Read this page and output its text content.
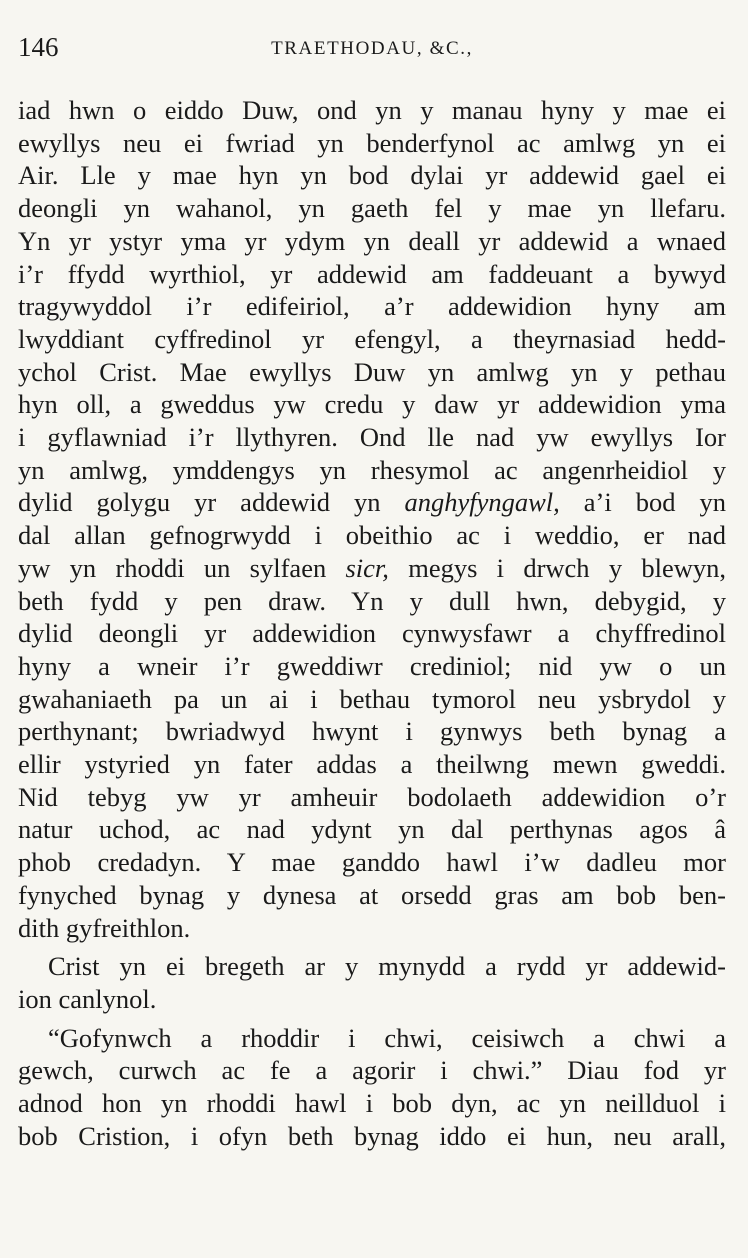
146	TRAETHODAU, &C.,
iad hwn o eiddo Duw, ond yn y manau hyny y mae ei
ewyllys neu ei fwriad yn benderfynol ac amlwg yn ei
Air. Lle y mae hyn yn bod dylai yr addewid gael ei
deongli yn wahanol, yn gaeth fel y mae yn llefaru.
Yn yr ystyr yma yr ydym yn deall yr addewid a wnaed
i’r ffydd wyrthiol, yr addewid am faddeuant a bywyd
tragywyddol i’r edifeiriol, a’r addewidion hyny am
lwyddiant cyffredinol yr efengyl, a theyrnasiad hedd-
ychol Crist. Mae ewyllys Duw yn amlwg yn y pethau
hyn oll, a gweddus yw credu y daw yr addewidion yma
i gyflawniad i’r llythyren. Ond lle nad yw ewyllys Ior
yn amlwg, ymddengys yn rhesymol ac angenrheidiol y
dylid golygu yr addewid yn anghyfyngawl, a’i bod yn
dal allan gefnogrwydd i obeithio ac i weddio, er nad
yw yn rhoddi un sylfaen sicr, megys i drwch y blewyn,
beth fydd y pen draw. Yn y dull hwn, debygid, y
dylid deongli yr addewidion cynwysfawr a chyffredinol
hyny a wneir i’r gweddiwr crediniol; nid yw o un
gwahaniaeth pa un ai i bethau tymorol neu ysbrydol y
perthynant; bwriadwyd hwynt i gynwys beth bynag a
ellir ystyried yn fater addas a theilwng mewn gweddi.
Nid tebyg yw yr amheuir bodolaeth addewidion o’r
natur uchod, ac nad ydynt yn dal perthynas agos â
phob credadyn. Y mae ganddo hawl i’w dadleu mor
fynyched bynag y dynesa at orsedd gras am bob ben-
dith gyfreithlon.
Crist yn ei bregeth ar y mynydd a rydd yr addewid-
ion canlynol.
“Gofynwch a rhoddir i chwi, ceisiwch a chwi a
gewch, curwch ac fe a agorir i chwi.” Diau fod yr
adnod hon yn rhoddi hawl i bob dyn, ac yn neillduol i
bob Cristion, i ofyn beth bynag iddo ei hun, neu arall,
